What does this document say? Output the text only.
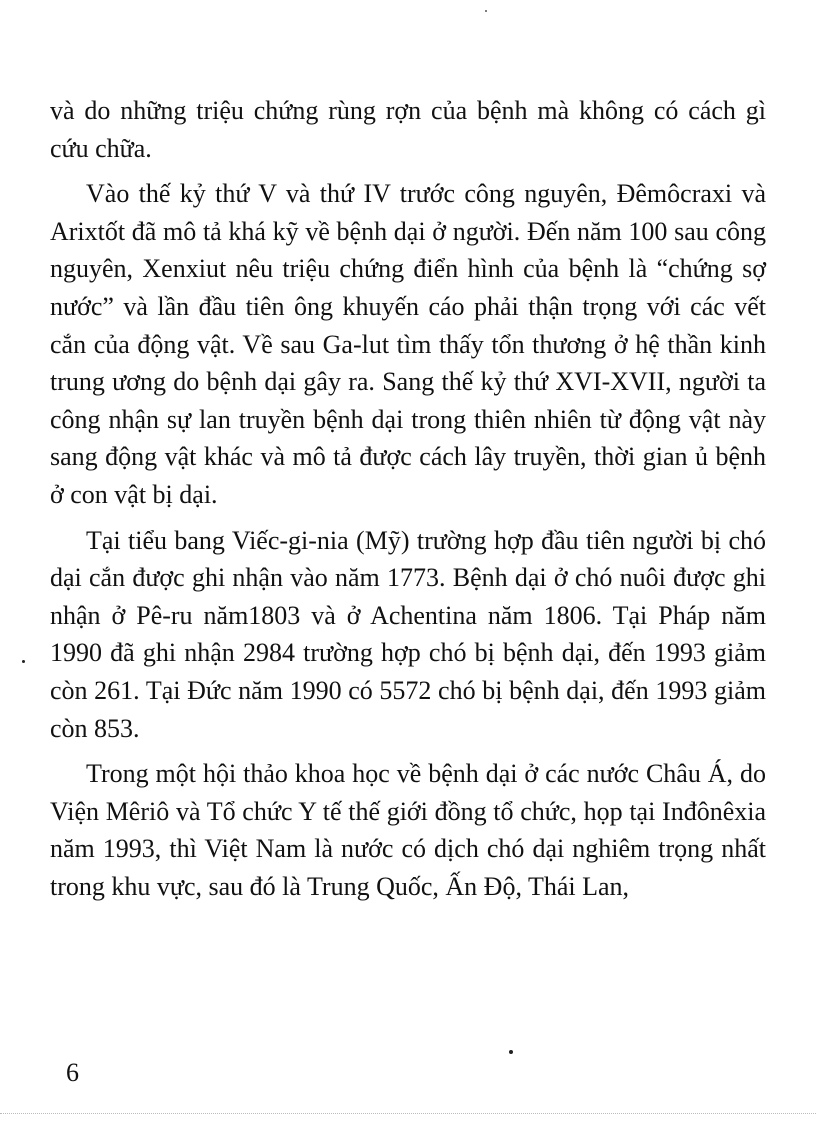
và do những triệu chứng rùng rợn của bệnh mà không có cách gì cứu chữa.

Vào thế kỷ thứ V và thứ IV trước công nguyên, Đêmôcraxi và Arixtốt đã mô tả khá kỹ về bệnh dại ở người. Đến năm 100 sau công nguyên, Xenxiut nêu triệu chứng điển hình của bệnh là “chứng sợ nước” và lần đầu tiên ông khuyến cáo phải thận trọng với các vết cắn của động vật. Về sau Ga-lut tìm thấy tổn thương ở hệ thần kinh trung ương do bệnh dại gây ra. Sang thế kỷ thứ XVI-XVII, người ta công nhận sự lan truyền bệnh dại trong thiên nhiên từ động vật này sang động vật khác và mô tả được cách lây truyền, thời gian ủ bệnh ở con vật bị dại.

Tại tiểu bang Viếc-gi-nia (Mỹ) trường hợp đầu tiên người bị chó dại cắn được ghi nhận vào năm 1773. Bệnh dại ở chó nuôi được ghi nhận ở Pê-ru năm1803 và ở Achentina năm 1806. Tại Pháp năm 1990 đã ghi nhận 2984 trường hợp chó bị bệnh dại, đến 1993 giảm còn 261. Tại Đức năm 1990 có 5572 chó bị bệnh dại, đến 1993 giảm còn 853.

Trong một hội thảo khoa học về bệnh dại ở các nước Châu Á, do Viện Mêriô và Tổ chức Y tế thế giới đồng tổ chức, họp tại Inđônêxia năm 1993, thì Việt Nam là nước có dịch chó dại nghiêm trọng nhất trong khu vực, sau đó là Trung Quốc, Ấn Độ, Thái Lan,

6
